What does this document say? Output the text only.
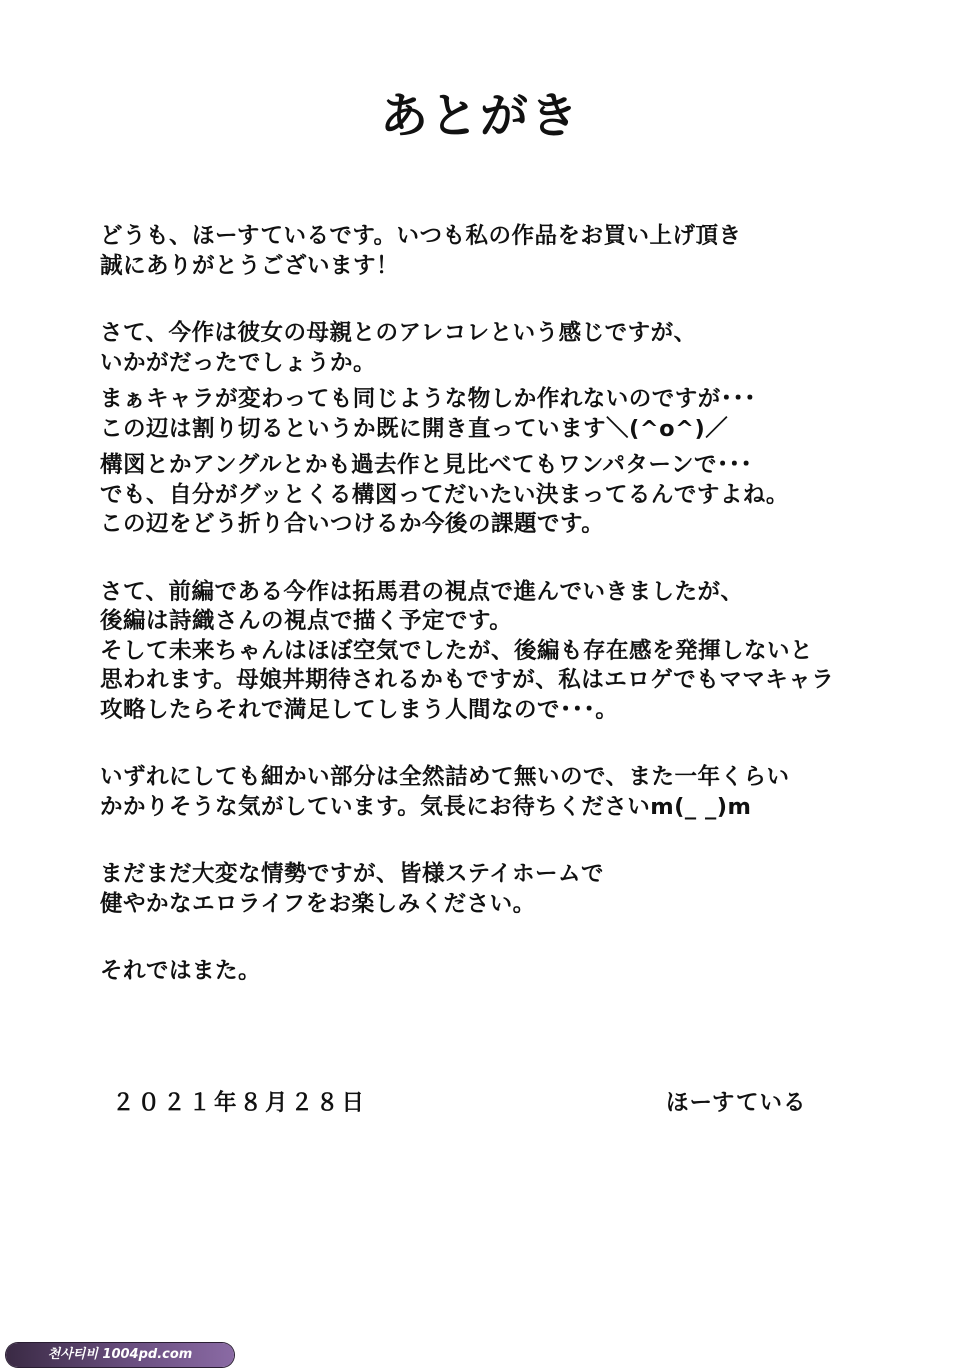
あとがき
どうも、ほーすているです。いつも私の作品をお買い上げ頂き
誠にありがとうございます！
さて、今作は彼女の母親とのアレコレという感じですが、
いかがだったでしょうか。
まぁキャラが変わっても同じような物しか作れないのですが･･･
この辺は割り切るというか既に開き直っています＼(^o^)／
構図とかアングルとかも過去作と見比べてもワンパターンで･･･
でも、自分がグッとくる構図ってだいたい決まってるんですよね。
この辺をどう折り合いつけるか今後の課題です。
さて、前編である今作は拓馬君の視点で進んでいきましたが、
後編は詩織さんの視点で描く予定です。
そして未来ちゃんはほぼ空気でしたが、後編も存在感を発揮しないと
思われます。母娘丼期待されるかもですが、私はエロゲでもママキャラ
攻略したらそれで満足してしまう人間なので･･･。
いずれにしても細かい部分は全然詰めて無いので、また一年くらい
かかりそうな気がしています。気長にお待ちくださいm(_ _)m
まだまだ大変な情勢ですが、皆様ステイホームで
健やかなエロライフをお楽しみください。
それではまた。
２０２１年８月２８日	ほーすている
천사티비 1004pd.com
